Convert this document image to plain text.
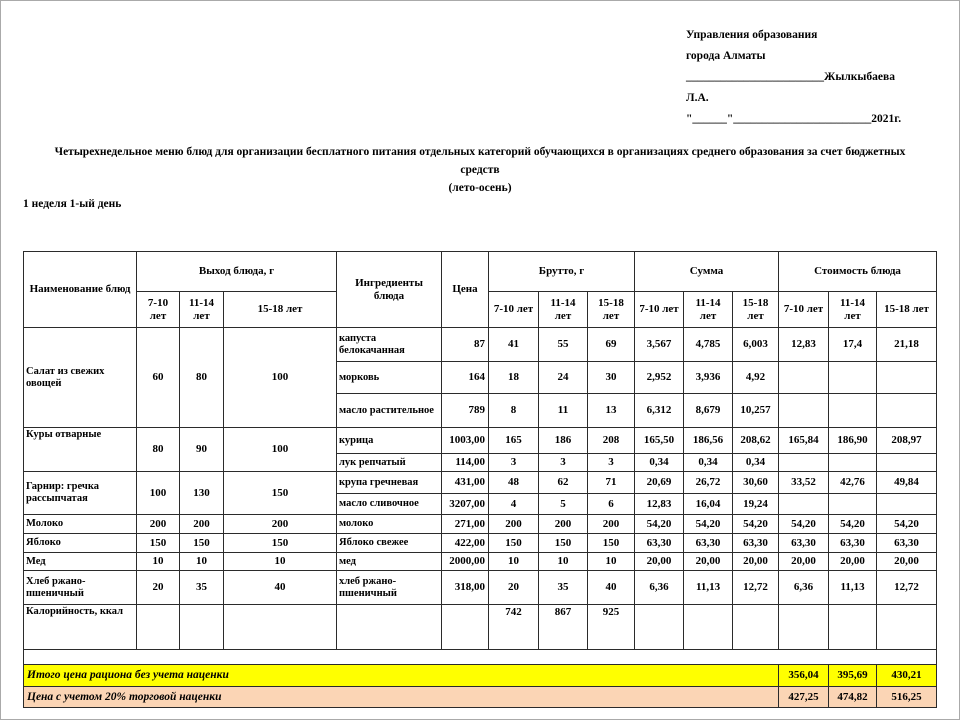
Управления образования
города Алматы
________________________Жылкыбаева
Л.А.
"______"________________________2021г.
Четырехнедельное меню блюд для организации бесплатного питания отдельных категорий обучающихся в организациях среднего образования за счет бюджетных средств
(лето-осень)
1 неделя 1-ый день
Наименование блюд	Выход блюда, г			Ингредиенты блюда	Цена	Брутто, г			Сумма			Стоимость блюда		
	7-10 лет	11-14 лет	15-18 лет			7-10 лет	11-14 лет	15-18 лет	7-10 лет	11-14 лет	15-18 лет	7-10 лет	11-14 лет	15-18 лет
Салат из свежих овощей	60	80	100	капуста белокачанная	87	41	55	69	3,567	4,785	6,003	12,83	17,4	21,18
				морковь	164	18	24	30	2,952	3,936	4,92			
				масло растительное	789	8	11	13	6,312	8,679	10,257			
Куры отварные	80	90	100	курица	1003,00	165	186	208	165,50	186,56	208,62	165,84	186,90	208,97
				лук репчатый	114,00	3	3	3	0,34	0,34	0,34			
Гарнир: гречка рассыпчатая	100	130	150	крупа гречневая	431,00	48	62	71	20,69	26,72	30,60	33,52	42,76	49,84
				масло сливочное	3207,00	4	5	6	12,83	16,04	19,24			
Молоко	200	200	200	молоко	271,00	200	200	200	54,20	54,20	54,20	54,20	54,20	54,20
Яблоко	150	150	150	Яблоко свежее	422,00	150	150	150	63,30	63,30	63,30	63,30	63,30	63,30
Мед	10	10	10	мед	2000,00	10	10	10	20,00	20,00	20,00	20,00	20,00	20,00
Хлеб ржано-пшеничный	20	35	40	хлеб ржано-пшеничный	318,00	20	35	40	6,36	11,13	12,72	6,36	11,13	12,72
Калорийность, ккал						742	867	925						

Итого цена рациона без учета наценки												356,04	395,69	430,21
Цена с учетом 20% торговой наценки												427,25	474,82	516,25
